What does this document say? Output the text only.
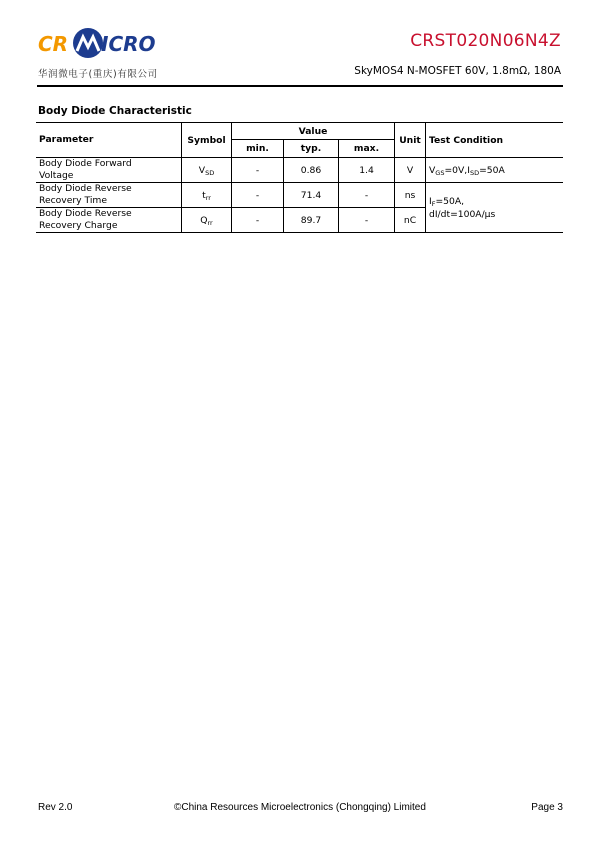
CR ICRO
华润微电子(重庆)有限公司
CRST020N06N4Z
SkyMOS4 N-MOSFET 60V, 1.8mΩ, 180A
Body Diode Characteristic
Parameter	Symbol	Value			Unit	Test Condition
		min.	typ.	max.		
Body Diode Forward
Voltage	$V_{SD}$	-	0.86	1.4	V	$V_{GS}=0V,I_{SD}=50A$
Body Diode Reverse
Recovery Time	$t_{rr}$	-	71.4	-	ns	$I_F=50A$,
dI/dt=100A/μs
Body Diode Reverse
Recovery Charge	$Q_{rr}$	-	89.7	-	nC	
Rev 2.0	©China Resources Microelectronics (Chongqing) Limited	Page 3
